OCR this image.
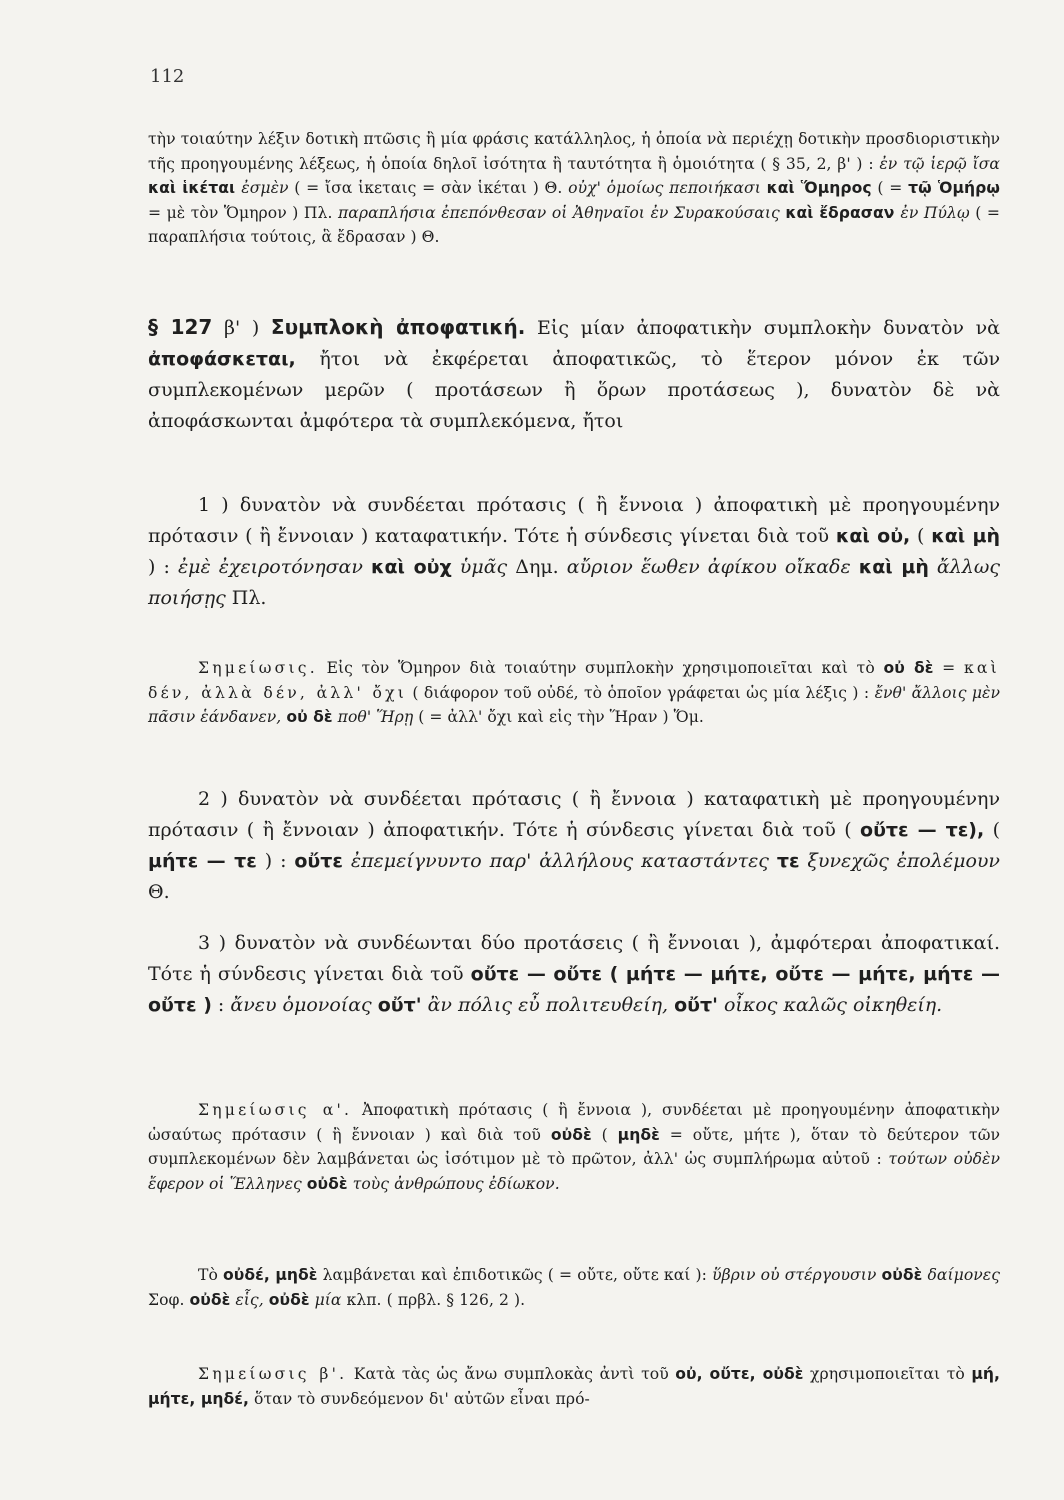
112

τὴν τοιαύτην λέξιν δοτικὴ πτῶσις ἢ μία φράσις κατάλληλος, ἡ ὁποία νὰ περιέχῃ δοτικὴν προσδιοριστικὴν τῆς προηγουμένης λέξεως, ἡ ὁποία δηλοῖ ἰσότητα ἢ ταυτότητα ἢ ὁμοιότητα ( § 35, 2, β' ) : ἐν τῷ ἱερῷ ἴσα καὶ ἱκέται ἐσμὲν ( = ἴσα ἱκεταις = σὰν ἱκέται ) Θ. οὐχ' ὁμοίως πεποιήκασι καὶ Ὅμηρος ( = τῷ Ὁμήρῳ = μὲ τὸν Ὅμηρον ) Πλ. παραπλήσια ἐπεπόνθεσαν οἱ Ἀθηναῖοι ἐν Συρακούσαις καὶ ἔδρασαν ἐν Πύλῳ ( = παραπλήσια τούτοις, ἃ ἔδρασαν ) Θ.

§ 127 β' ) Συμπλοκὴ ἀποφατική. Εἰς μίαν ἀποφατικὴν συμπλοκὴν δυνατὸν νὰ ἀποφάσκεται, ἤτοι νὰ ἐκφέρεται ἀποφατικῶς, τὸ ἕτερον μόνον ἐκ τῶν συμπλεκομένων μερῶν ( προτάσεων ἢ ὅρων προτάσεως ), δυνατὸν δὲ νὰ ἀποφάσκωνται ἀμφότερα τὰ συμπλεκόμενα, ἤτοι

1 ) δυνατὸν νὰ συνδέεται πρότασις ( ἢ ἔννοια ) ἀποφατικὴ μὲ προηγουμένην πρότασιν ( ἢ ἔννοιαν ) καταφατικήν. Τότε ἡ σύνδεσις γίνεται διὰ τοῦ καὶ οὐ, ( καὶ μὴ ) : ἐμὲ ἐχειροτόνησαν καὶ οὐχ ὑμᾶς Δημ. αὔριον ἕωθεν ἀφίκου οἴκαδε καὶ μὴ ἄλλως ποιήσῃς Πλ.

Σημείωσις. Εἰς τὸν Ὅμηρον διὰ τοιαύτην συμπλοκὴν χρησιμοποιεῖται καὶ τὸ οὐ δὲ = καὶ δέν, ἀλλὰ δέν, ἀλλ' ὄχι ( διάφορον τοῦ οὐδέ, τὸ ὁποῖον γράφεται ὡς μία λέξις ) : ἔνθ' ἄλλοις μὲν πᾶσιν ἑάνδανεν, οὐ δὲ ποθ' Ἥρῃ ( = ἀλλ' ὄχι καὶ εἰς τὴν Ἥραν ) Ὅμ.

2 ) δυνατὸν νὰ συνδέεται πρότασις ( ἢ ἔννοια ) καταφατικὴ μὲ προηγουμένην πρότασιν ( ἢ ἔννοιαν ) ἀποφατικήν. Τότε ἡ σύνδεσις γίνεται διὰ τοῦ ( οὔτε — τε), ( μήτε — τε ) : οὔτε ἐπεμείγνυντο παρ' ἀλλήλους καταστάντες τε ξυνεχῶς ἐπολέμουν Θ.

3 ) δυνατὸν νὰ συνδέωνται δύο προτάσεις ( ἢ ἔννοιαι ), ἀμφότεραι ἀποφατικαί. Τότε ἡ σύνδεσις γίνεται διὰ τοῦ οὔτε — οὔτε ( μήτε — μήτε, οὔτε — μήτε, μήτε — οὔτε ) : ἄνευ ὁμονοίας οὔτ' ἂν πόλις εὖ πολιτευθείη, οὔτ' οἶκος καλῶς οἰκηθείη.

Σημείωσις α'. Ἀποφατικὴ πρότασις ( ἢ ἔννοια ), συνδέεται μὲ προηγουμένην ἀποφατικὴν ὡσαύτως πρότασιν ( ἢ ἔννοιαν ) καὶ διὰ τοῦ οὐδὲ ( μηδὲ = οὔτε, μήτε ), ὅταν τὸ δεύτερον τῶν συμπλεκομένων δὲν λαμβάνεται ὡς ἰσότιμον μὲ τὸ πρῶτον, ἀλλ' ὡς συμπλήρωμα αὐτοῦ : τούτων οὐδὲν ἔφερον οἱ Ἕλληνες οὐδὲ τοὺς ἀνθρώπους ἐδίωκον.

Τὸ οὐδέ, μηδὲ λαμβάνεται καὶ ἐπιδοτικῶς ( = οὔτε, οὔτε καί ): ὕβριν οὐ στέργουσιν οὐδὲ δαίμονες Σοφ. οὐδὲ εἷς, οὐδὲ μία κλπ. ( πρβλ. § 126, 2 ).

Σημείωσις β'. Κατὰ τὰς ὡς ἄνω συμπλοκὰς ἀντὶ τοῦ οὐ, οὔτε, οὐδὲ χρησιμοποιεῖται τὸ μή, μήτε, μηδέ, ὅταν τὸ συνδεόμενον δι' αὐτῶν εἶναι πρό-
